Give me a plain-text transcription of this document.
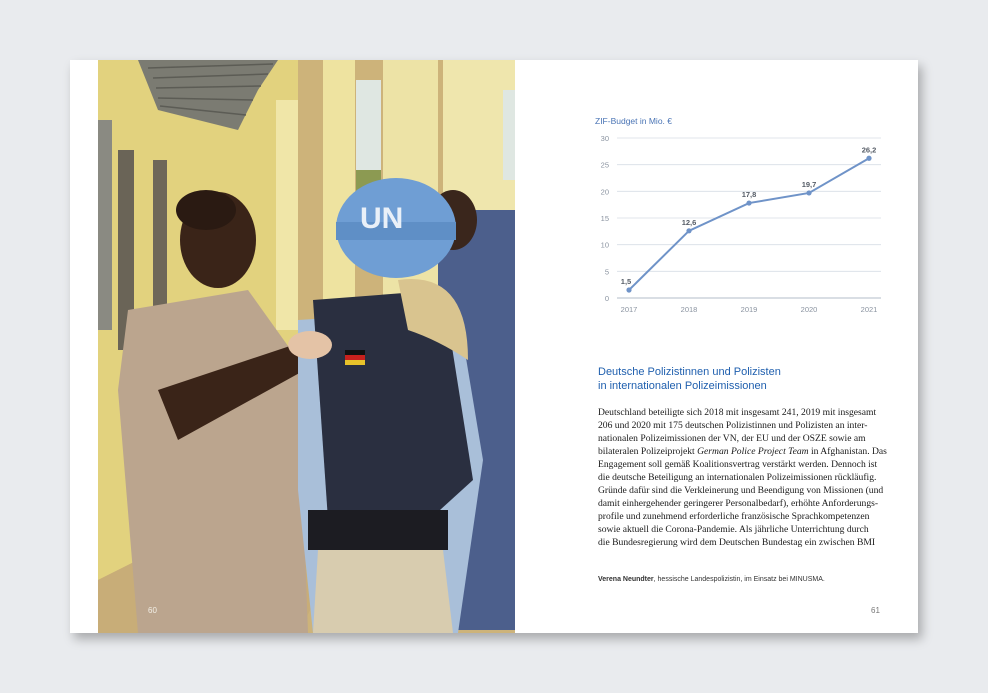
UN
60
ZIF-Budget in Mio. €
0
5
10
15
20
25
30
2017	2018	2019	2020	2021
1,5
12,6
17,8
19,7
26,2
Deutsche Polizistinnen und Polizisten
in internationalen Polizeimissionen

Deutschland beteiligte sich 2018 mit insgesamt 241, 2019 mit insgesamt
206 und 2020 mit 175 deutschen Polizistinnen und Polizisten an inter-
nationalen Polizeimissionen der VN, der EU und der OSZE sowie am
bilateralen Polizeiprojekt German Police Project Team in Afghanistan. Das
Engagement soll gemäß Koalitionsvertrag verstärkt werden. Dennoch ist
die deutsche Beteiligung an internationalen Polizeimissionen rückläufig.
Gründe dafür sind die Verkleinerung und Beendigung von Missionen (und
damit einhergehender geringerer Personalbedarf), erhöhte Anforderungs-
profile und zunehmend erforderliche französische Sprachkompetenzen
sowie aktuell die Corona-Pandemie. Als jährliche Unterrichtung durch
die Bundesregierung wird dem Deutschen Bundestag ein zwischen BMI

Verena Neundter, hessische Landespolizistin, im Einsatz bei MINUSMA.
61
